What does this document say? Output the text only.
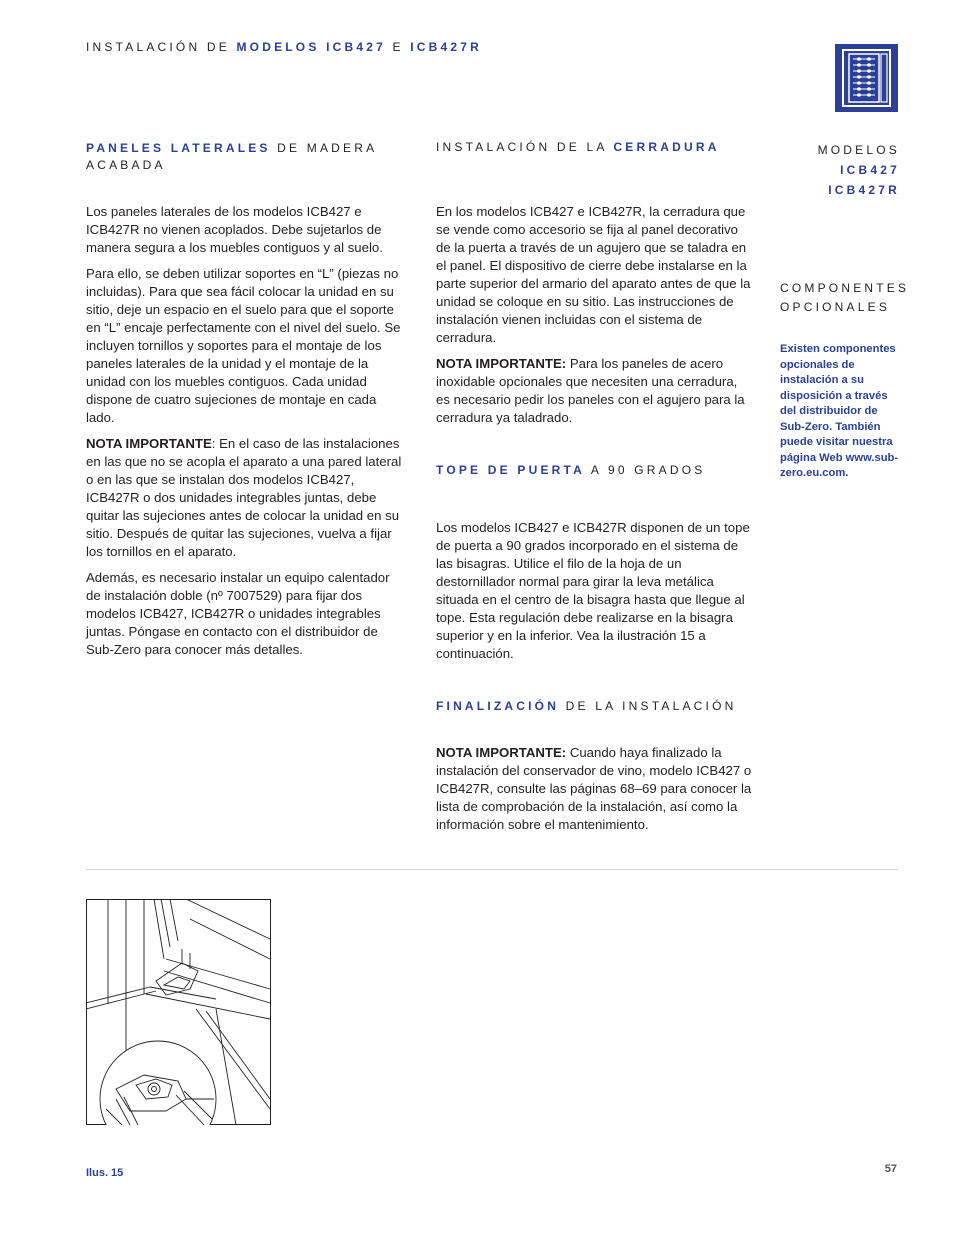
INSTALACIÓN DE MODELOS ICB427 E ICB427R
PANELES LATERALES DE MADERA ACABADA

Los paneles laterales de los modelos ICB427 e ICB427R no vienen acoplados. Debe sujetarlos de manera segura a los muebles contiguos y al suelo.

Para ello, se deben utilizar soportes en “L” (piezas no incluidas). Para que sea fácil colocar la unidad en su sitio, deje un espacio en el suelo para que el soporte en “L” encaje perfectamente con el nivel del suelo. Se incluyen tornillos y soportes para el montaje de los paneles laterales de la unidad y el montaje de la unidad con los muebles contiguos. Cada unidad dispone de cuatro sujeciones de montaje en cada lado.

NOTA IMPORTANTE: En el caso de las instalaciones en las que no se acopla el aparato a una pared lateral o en las que se instalan dos modelos ICB427, ICB427R o dos unidades integrables juntas, debe quitar las sujeciones antes de colocar la unidad en su sitio. Después de quitar las sujeciones, vuelva a fijar los tornillos en el aparato.

Además, es necesario instalar un equipo calentador de instalación doble (nº 7007529) para fijar dos modelos ICB427, ICB427R o unidades integrables juntas. Póngase en contacto con el distribuidor de Sub-Zero para conocer más detalles.

INSTALACIÓN DE LA CERRADURA

En los modelos ICB427 e ICB427R, la cerradura que se vende como accesorio se fija al panel decorativo de la puerta a través de un agujero que se taladra en el panel. El dispositivo de cierre debe instalarse en la parte superior del armario del aparato antes de que la unidad se coloque en su sitio. Las instrucciones de instalación vienen incluidas con el sistema de cerradura.

NOTA IMPORTANTE: Para los paneles de acero inoxidable opcionales que necesiten una cerradura, es necesario pedir los paneles con el agujero para la cerradura ya taladrado.

TOPE DE PUERTA A 90 GRADOS

Los modelos ICB427 e ICB427R disponen de un tope de puerta a 90 grados incorporado en el sistema de las bisagras. Utilice el filo de la hoja de un destornillador normal para girar la leva metálica situada en el centro de la bisagra hasta que llegue al tope. Esta regulación debe realizarse en la bisagra superior y en la inferior. Vea la ilustración 15 a continuación.

FINALIZACIÓN DE LA INSTALACIÓN

NOTA IMPORTANTE: Cuando haya finalizado la instalación del conservador de vino, modelo ICB427 o ICB427R, consulte las páginas 68–69 para conocer la lista de comprobación de la instalación, así como la información sobre el mantenimiento.

MODELOS
ICB427
ICB427R
COMPONENTES
OPCIONALES
Existen componentes opcionales de instalación a su disposición a través del distribuidor de Sub-Zero. También puede visitar nuestra página Web www.sub-zero.eu.com.
Ilus. 15	57
